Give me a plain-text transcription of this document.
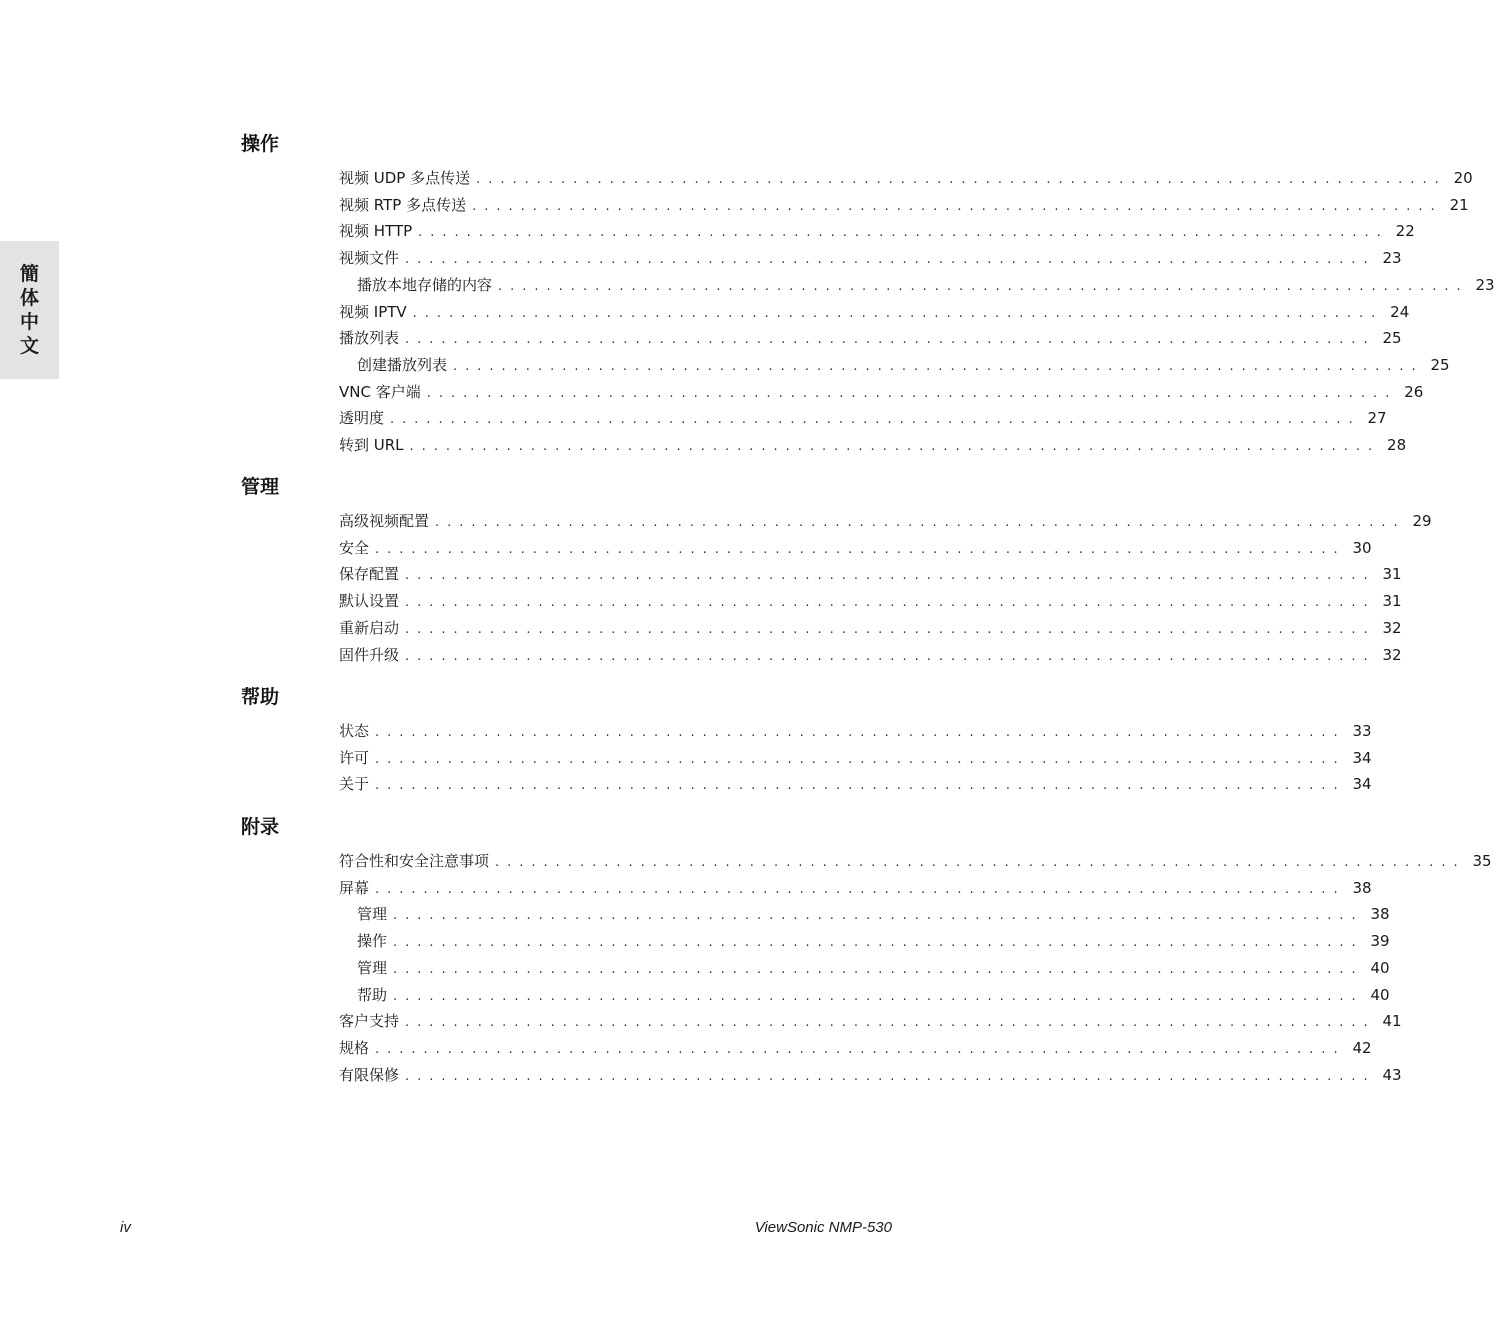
簡
体
中
文
操作
视频 UDP 多点传送 ................................................................................ 20
视频 RTP 多点传送 ................................................................................ 21
视频 HTTP ................................................................................ 22
视频文件 ................................................................................ 23
播放本地存储的内容 ................................................................................ 23
视频 IPTV ................................................................................ 24
播放列表 ................................................................................ 25
创建播放列表 ................................................................................ 25
VNC 客户端 ................................................................................ 26
透明度 ................................................................................ 27
转到 URL ................................................................................ 28
管理
高级视频配置 ................................................................................ 29
安全 ................................................................................ 30
保存配置 ................................................................................ 31
默认设置 ................................................................................ 31
重新启动 ................................................................................ 32
固件升级 ................................................................................ 32
帮助
状态 ................................................................................ 33
许可 ................................................................................ 34
关于 ................................................................................ 34
附录
符合性和安全注意事项 ................................................................................ 35
屏幕 ................................................................................ 38
管理 ................................................................................ 38
操作 ................................................................................ 39
管理 ................................................................................ 40
帮助 ................................................................................ 40
客户支持 ................................................................................ 41
规格 ................................................................................ 42
有限保修 ................................................................................ 43
iv	ViewSonic NMP-530
